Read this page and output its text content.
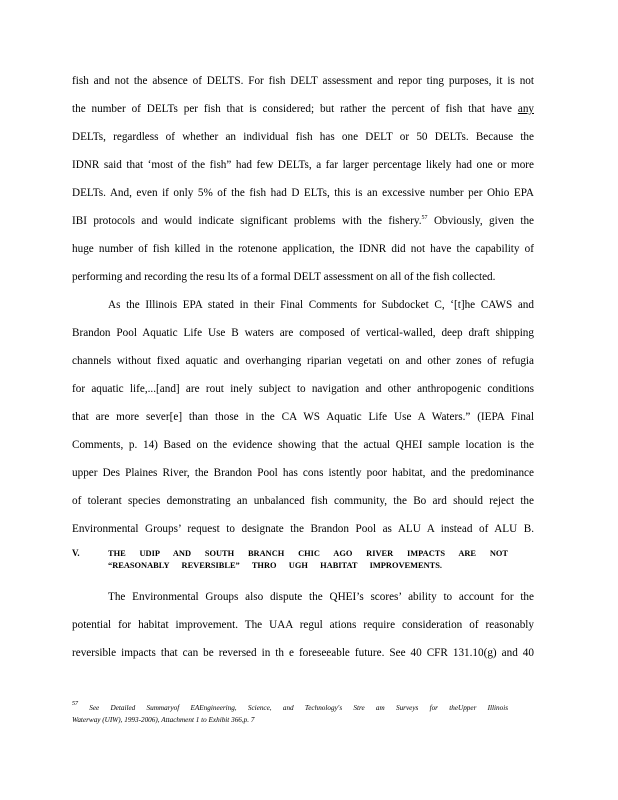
fish and not the absence of DELTS. For fish DELT assessment and repor ting purposes, it is not
the number of DELTs per fish that is considered; but rather the percent of fish that have any
DELTs, regardless of whether an individual fish has one DELT or 50 DELTs. Because the
IDNR said that ‘most of the fish” had few DELTs, a far larger percentage likely had one or more
DELTs. And, even if only 5% of the fish had D ELTs, this is an excessive number per Ohio EPA
IBI protocols and would indicate significant problems with the fishery.$^{57}$ Obviously, given the
huge number of fish killed in the rotenone application, the IDNR did not have the capability of
performing and recording the resu lts of a formal DELT assessment on all of the fish collected.
As the Illinois EPA stated in their Final Comments for Subdocket C, ‘[t]he CAWS and
Brandon Pool Aquatic Life Use B waters are composed of vertical-walled, deep draft shipping
channels without fixed aquatic and overhanging riparian vegetati on and other zones of refugia
for aquatic life,...[and] are rout inely subject to navigation and other anthropogenic conditions
that are more sever[e] than those in the CA WS Aquatic Life Use A Waters.” (IEPA Final
Comments, p. 14) Based on the evidence showing that the actual QHEI sample location is the
upper Des Plaines River, the Brandon Pool has cons istently poor habitat, and the predominance
of tolerant species demonstrating an unbalanced fish community, the Bo ard should reject the
Environmental Groups’ request to designate the Brandon Pool as ALU A instead of ALU B.
V.	THE UDIP AND SOUTH BRANCH CHIC AGO RIVER IMPACTS ARE NOT
“REASONABLY REVERSIBLE” THRO UGH HABITAT IMPROVEMENTS.
The Environmental Groups also dispute the QHEI’s scores’ ability to account for the
potential for habitat improvement. The UAA regul ations require consideration of reasonably
reversible impacts that can be reversed in th e foreseeable future. See 40 CFR 131.10(g) and 40
$^{57}$ See Detailed Summaryof EAEngineering, Science, and Technology's Stre am Surveys for theUpper Illinois
Waterway (UIW), 1993-2006), Attachment 1 to Exhibit 366,p. 7
